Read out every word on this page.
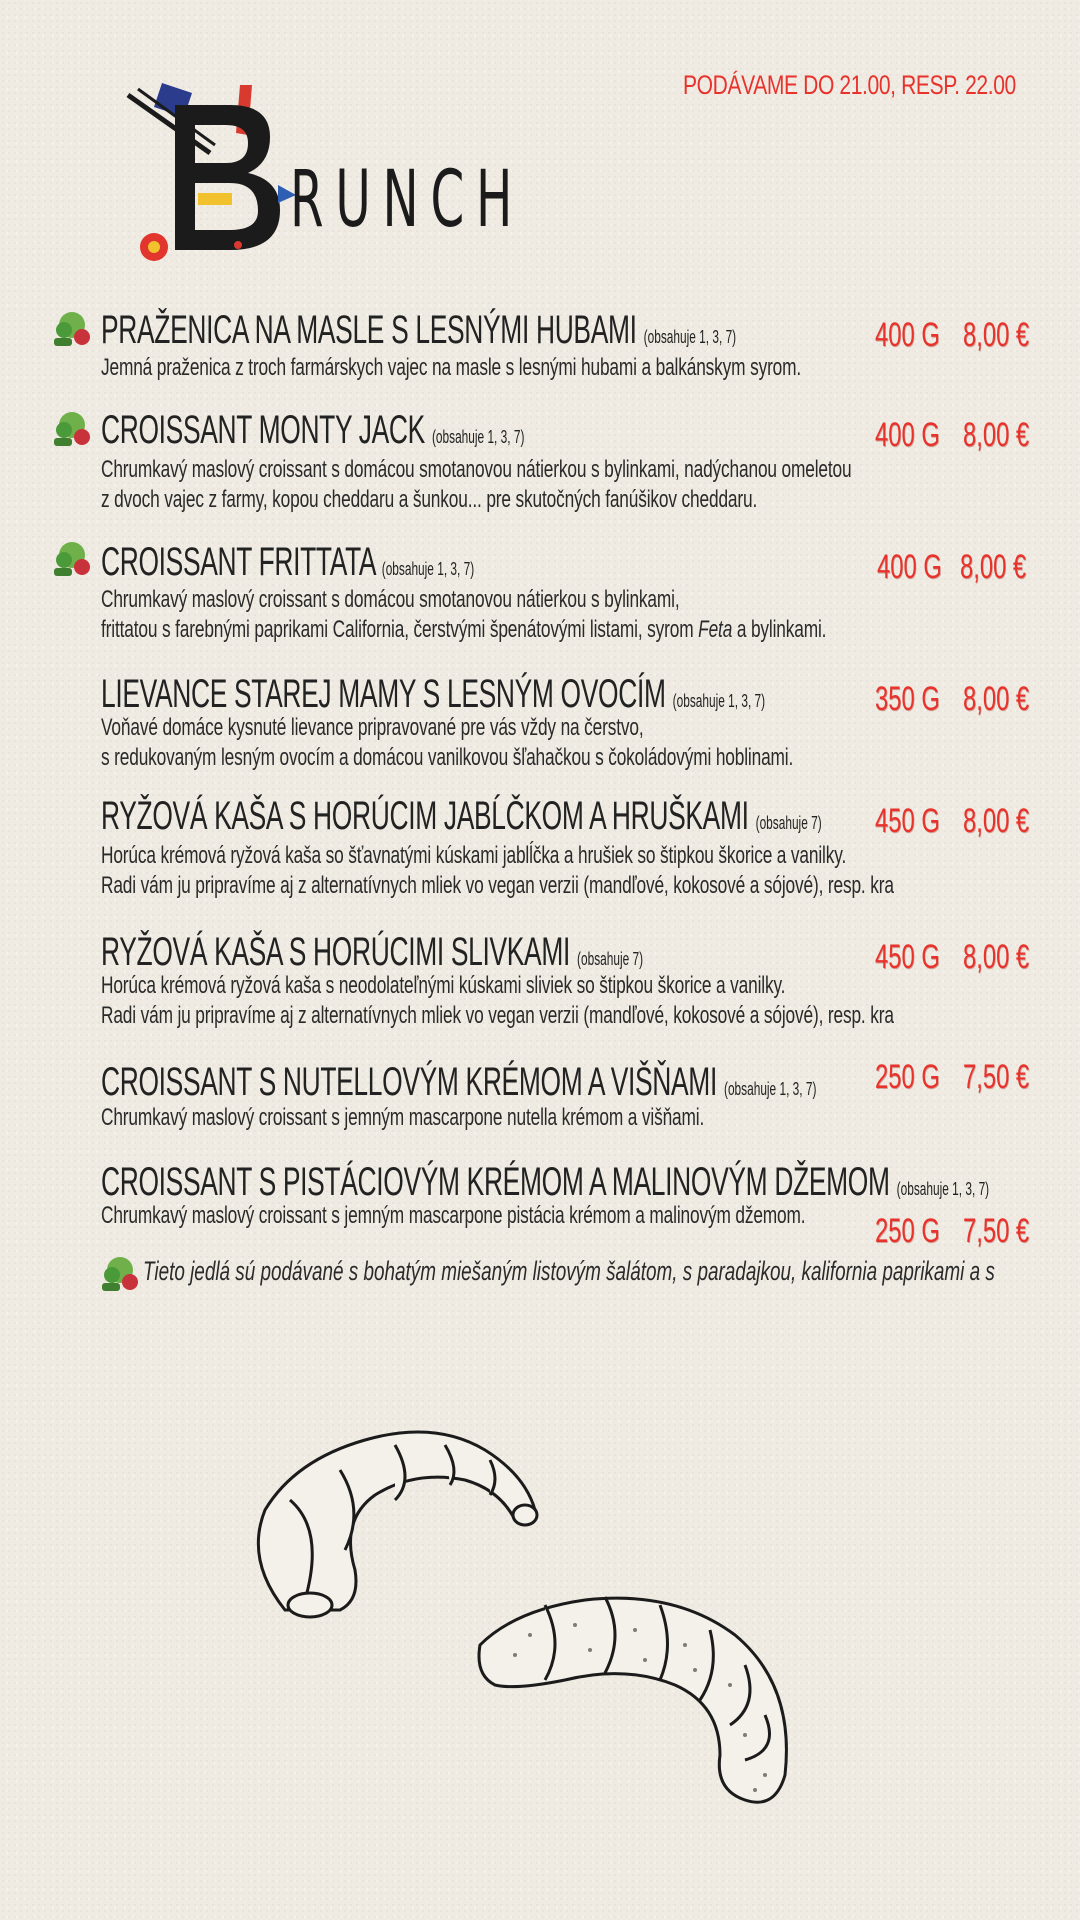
PODÁVAME DO 21.00, RESP. 22.00
RUNCH
PRAŽENICA NA MASLE S LESNÝMI HUBAMI (obsahuje 1, 3, 7)	400 G 8,00 €
Jemná praženica z troch farmárskych vajec na masle s lesnými hubami a balkánskym syrom.
CROISSANT MONTY JACK (obsahuje 1, 3, 7)	400 G 8,00 €
Chrumkavý maslový croissant s domácou smotanovou nátierkou s bylinkami, nadýchanou omeletou
z dvoch vajec z farmy, kopou cheddaru a šunkou... pre skutočných fanúšikov cheddaru.
CROISSANT FRITTATA (obsahuje 1, 3, 7)	400 G 8,00 €
Chrumkavý maslový croissant s domácou smotanovou nátierkou s bylinkami,
frittatou s farebnými paprikami California, čerstvými špenátovými listami, syrom Feta a bylinkami.
LIEVANCE STAREJ MAMY S LESNÝM OVOCÍM (obsahuje 1, 3, 7)	350 G 8,00 €
Voňavé domáce kysnuté lievance pripravované pre vás vždy na čerstvo,
s redukovaným lesným ovocím a domácou vanilkovou šľahačkou s čokoládovými hoblinami.
RYŽOVÁ KAŠA S HORÚCIM JABĹČKOM A HRUŠKAMI (obsahuje 7) 450 G 8,00 €
Horúca krémová ryžová kaša so šťavnatými kúskami jablĺčka a hrušiek so štipkou škorice a vanilky.
Radi vám ju pripravíme aj z alternatívnych mliek vo vegan verzii (mandľové, kokosové a sójové), resp. kra
RYŽOVÁ KAŠA S HORÚCIMI SLIVKAMI (obsahuje 7)	450 G 8,00 €
Horúca krémová ryžová kaša s neodolateľnými kúskami sliviek so štipkou škorice a vanilky.
Radi vám ju pripravíme aj z alternatívnych mliek vo vegan verzii (mandľové, kokosové a sójové), resp. kra
CROISSANT S NUTELLOVÝM KRÉMOM A VIŠŇAMI (obsahuje 1, 3, 7) 250 G 7,50 €
Chrumkavý maslový croissant s jemným mascarpone nutella krémom a višňami.
CROISSANT S PISTÁCIOVÝM KRÉMOM A MALINOVÝM DŽEMOM (obsahuje 1, 3, 7)
Chrumkavý maslový croissant s jemným mascarpone pistácia krémom a malinovým džemom. 250 G 7,50 €
Tieto jedlá sú podávané s bohatým miešaným listovým šalátom, s paradajkou, kalifornia paprikami a s
